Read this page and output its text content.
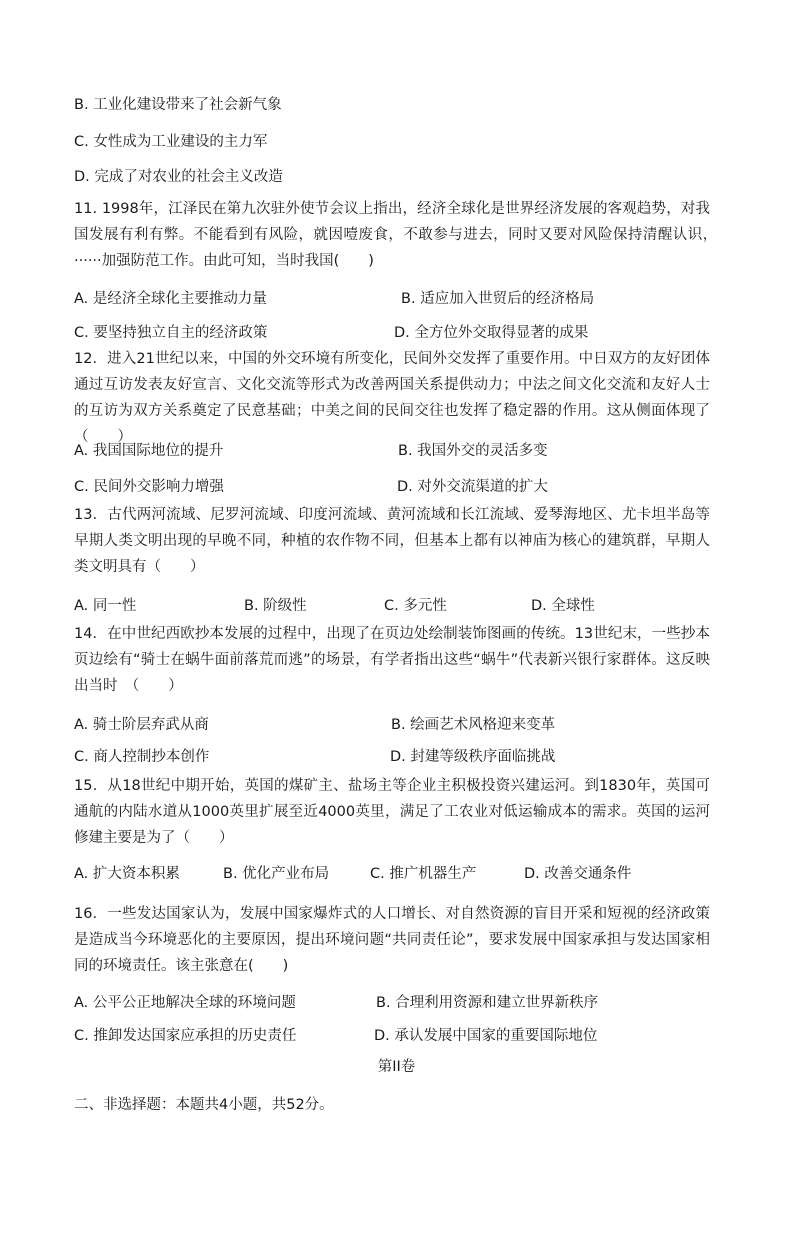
B. 工业化建设带来了社会新气象
C. 女性成为工业建设的主力军
D. 完成了对农业的社会主义改造
11. 1998年，江泽民在第九次驻外使节会议上指出，经济全球化是世界经济发展的客观趋势，对我国发展有利有弊。不能看到有风险，就因噎废食，不敢参与进去，同时又要对风险保持清醒认识，······加强防范工作。由此可知，当时我国(　　)
A. 是经济全球化主要推动力量	B. 适应加入世贸后的经济格局
C. 要坚持独立自主的经济政策	D. 全方位外交取得显著的成果
12．进入21世纪以来，中国的外交环境有所变化，民间外交发挥了重要作用。中日双方的友好团体通过互访发表友好宣言、文化交流等形式为改善两国关系提供动力；中法之间文化交流和友好人士的互访为双方关系奠定了民意基础；中美之间的民间交往也发挥了稳定器的作用。这从侧面体现了（　　）
A. 我国国际地位的提升	B. 我国外交的灵活多变
C. 民间外交影响力增强	D. 对外交流渠道的扩大
13．古代两河流域、尼罗河流域、印度河流域、黄河流域和长江流域、爱琴海地区、尤卡坦半岛等早期人类文明出现的早晚不同，种植的农作物不同，但基本上都有以神庙为核心的建筑群，早期人类文明具有（　　）
A. 同一性	B. 阶级性	C. 多元性	D. 全球性
14．在中世纪西欧抄本发展的过程中，出现了在页边处绘制装饰图画的传统。13世纪末，一些抄本页边绘有“骑士在蜗牛面前落荒而逃”的场景，有学者指出这些“蜗牛”代表新兴银行家群体。这反映出当时　（　　）
A. 骑士阶层弃武从商	B. 绘画艺术风格迎来变革
C. 商人控制抄本创作	D. 封建等级秩序面临挑战
15．从18世纪中期开始，英国的煤矿主、盐场主等企业主积极投资兴建运河。到1830年，英国可通航的内陆水道从1000英里扩展至近4000英里，满足了工农业对低运输成本的需求。英国的运河修建主要是为了（　　）
A. 扩大资本积累	B. 优化产业布局	C. 推广机器生产	D. 改善交通条件
16．一些发达国家认为，发展中国家爆炸式的人口增长、对自然资源的盲目开采和短视的经济政策是造成当今环境恶化的主要原因，提出环境问题“共同责任论”，要求发展中国家承担与发达国家相同的环境责任。该主张意在(　　)
A. 公平公正地解决全球的环境问题	B. 合理利用资源和建立世界新秩序
C. 推卸发达国家应承担的历史责任	D. 承认发展中国家的重要国际地位
第II卷
二、非选择题：本题共4小题，共52分。
